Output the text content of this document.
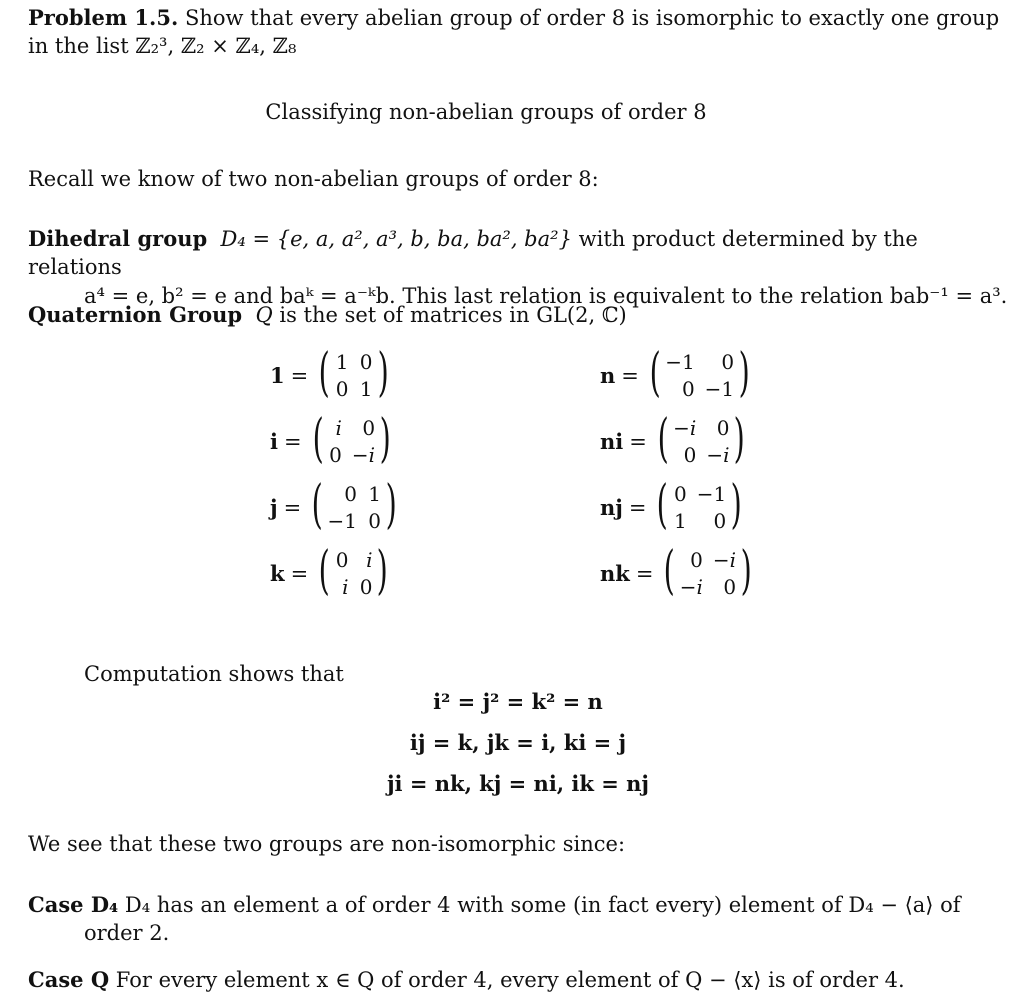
Problem 1.5. Show that every abelian group of order 8 is isomorphic to exactly one group
in the list ℤ₂³, ℤ₂ × ℤ₄, ℤ₈
Classifying non-abelian groups of order 8
Recall we know of two non-abelian groups of order 8:
Dihedral group D₄ = {e, a, a², a³, b, ba, ba², ba²} with product determined by the relations
a⁴ = e, b² = e and baᵏ = a⁻ᵏb. This last relation is equivalent to the relation bab⁻¹ = a³.
Quaternion Group Q is the set of matrices in GL(2, ℂ)
1 = ( 1 0
0 1 )
i = ( i	0
0 −i )
j = (	0 1
−1 0 )
k = ( 0 i
i 0 )
n = ( −1	0
0 −1 )
ni = ( −i	0
0 −i )
nj = ( 0 −1
1	0 )
nk = ( 0 −i
−i	0 )
Computation shows that
i² = j² = k² = n
ij = k, jk = i, ki = j
ji = nk, kj = ni, ik = nj
We see that these two groups are non-isomorphic since:
Case D₄ D₄ has an element a of order 4 with some (in fact every) element of D₄ − ⟨a⟩ of order 2.
Case Q For every element x ∈ Q of order 4, every element of Q − ⟨x⟩ is of order 4.
